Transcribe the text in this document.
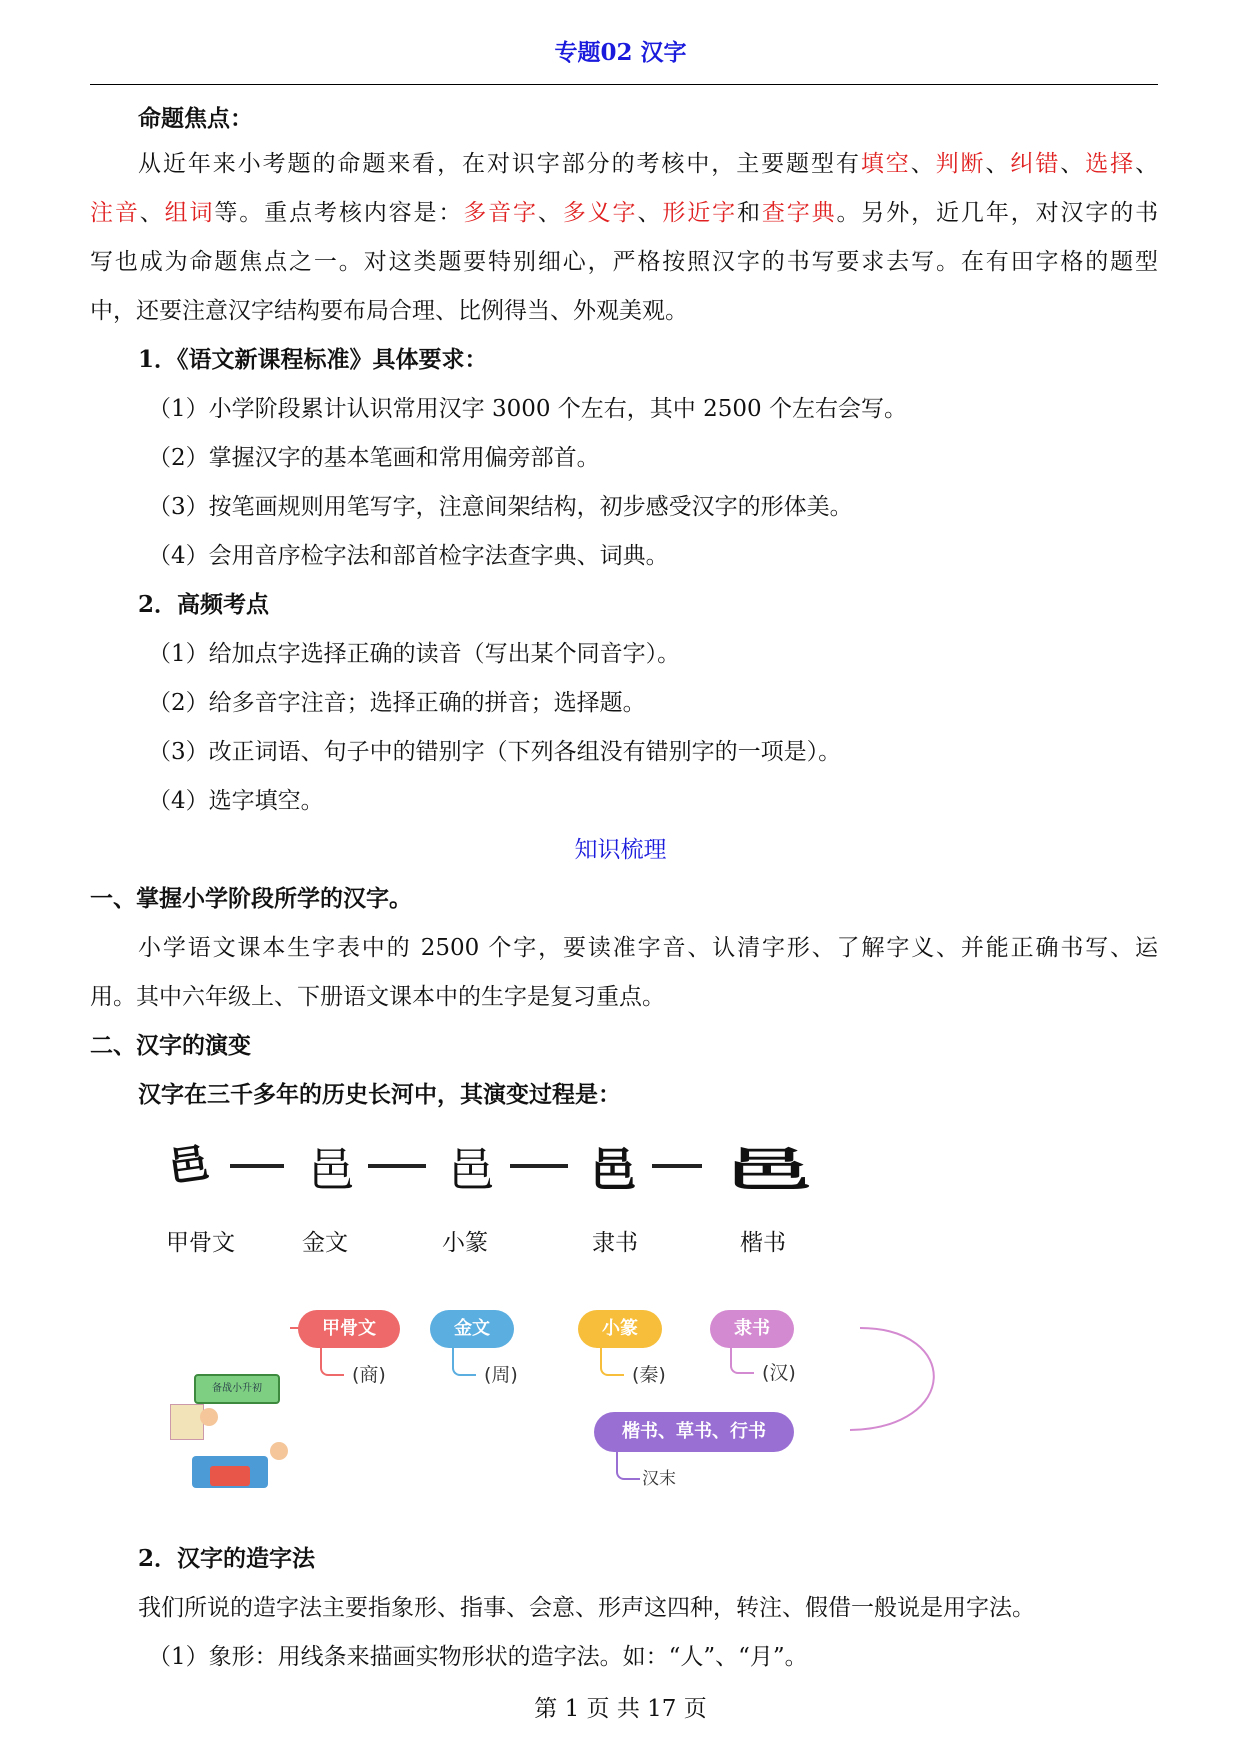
专题02 汉字
命题焦点：
从近年来小考题的命题来看，在对识字部分的考核中，主要题型有填空、判断、纠错、选择、
注音、组词等。重点考核内容是：多音字、多义字、形近字和查字典。另外，近几年，对汉字的书
写也成为命题焦点之一。对这类题要特别细心，严格按照汉字的书写要求去写。在有田字格的题型
中，还要注意汉字结构要布局合理、比例得当、外观美观。
1．《语文新课程标准》具体要求：
（1）小学阶段累计认识常用汉字 3000 个左右，其中 2500 个左右会写。
（2）掌握汉字的基本笔画和常用偏旁部首。
（3）按笔画规则用笔写字，注意间架结构，初步感受汉字的形体美。
（4）会用音序检字法和部首检字法查字典、词典。
2．高频考点
（1）给加点字选择正确的读音（写出某个同音字）。
（2）给多音字注音；选择正确的拼音；选择题。
（3）改正词语、句子中的错别字（下列各组没有错别字的一项是）。
（4）选字填空。
知识梳理
一、掌握小学阶段所学的汉字。
小学语文课本生字表中的 2500 个字，要读准字音、认清字形、了解字义、并能正确书写、运
用。其中六年级上、下册语文课本中的生字是复习重点。
二、汉字的演变
汉字在三千多年的历史长河中，其演变过程是：
邑 邑 邑 邑 邑
甲骨文	金文	小篆	隶书	楷书
汉字的
演变
备战小升初
甲骨文
(商)
金文
(周)
小篆
(秦)
隶书
(汉)
楷书、草书、行书
汉末
2．汉字的造字法
我们所说的造字法主要指象形、指事、会意、形声这四种，转注、假借一般说是用字法。
（1）象形：用线条来描画实物形状的造字法。如：“人”、“月”。
第 1 页 共 17 页
